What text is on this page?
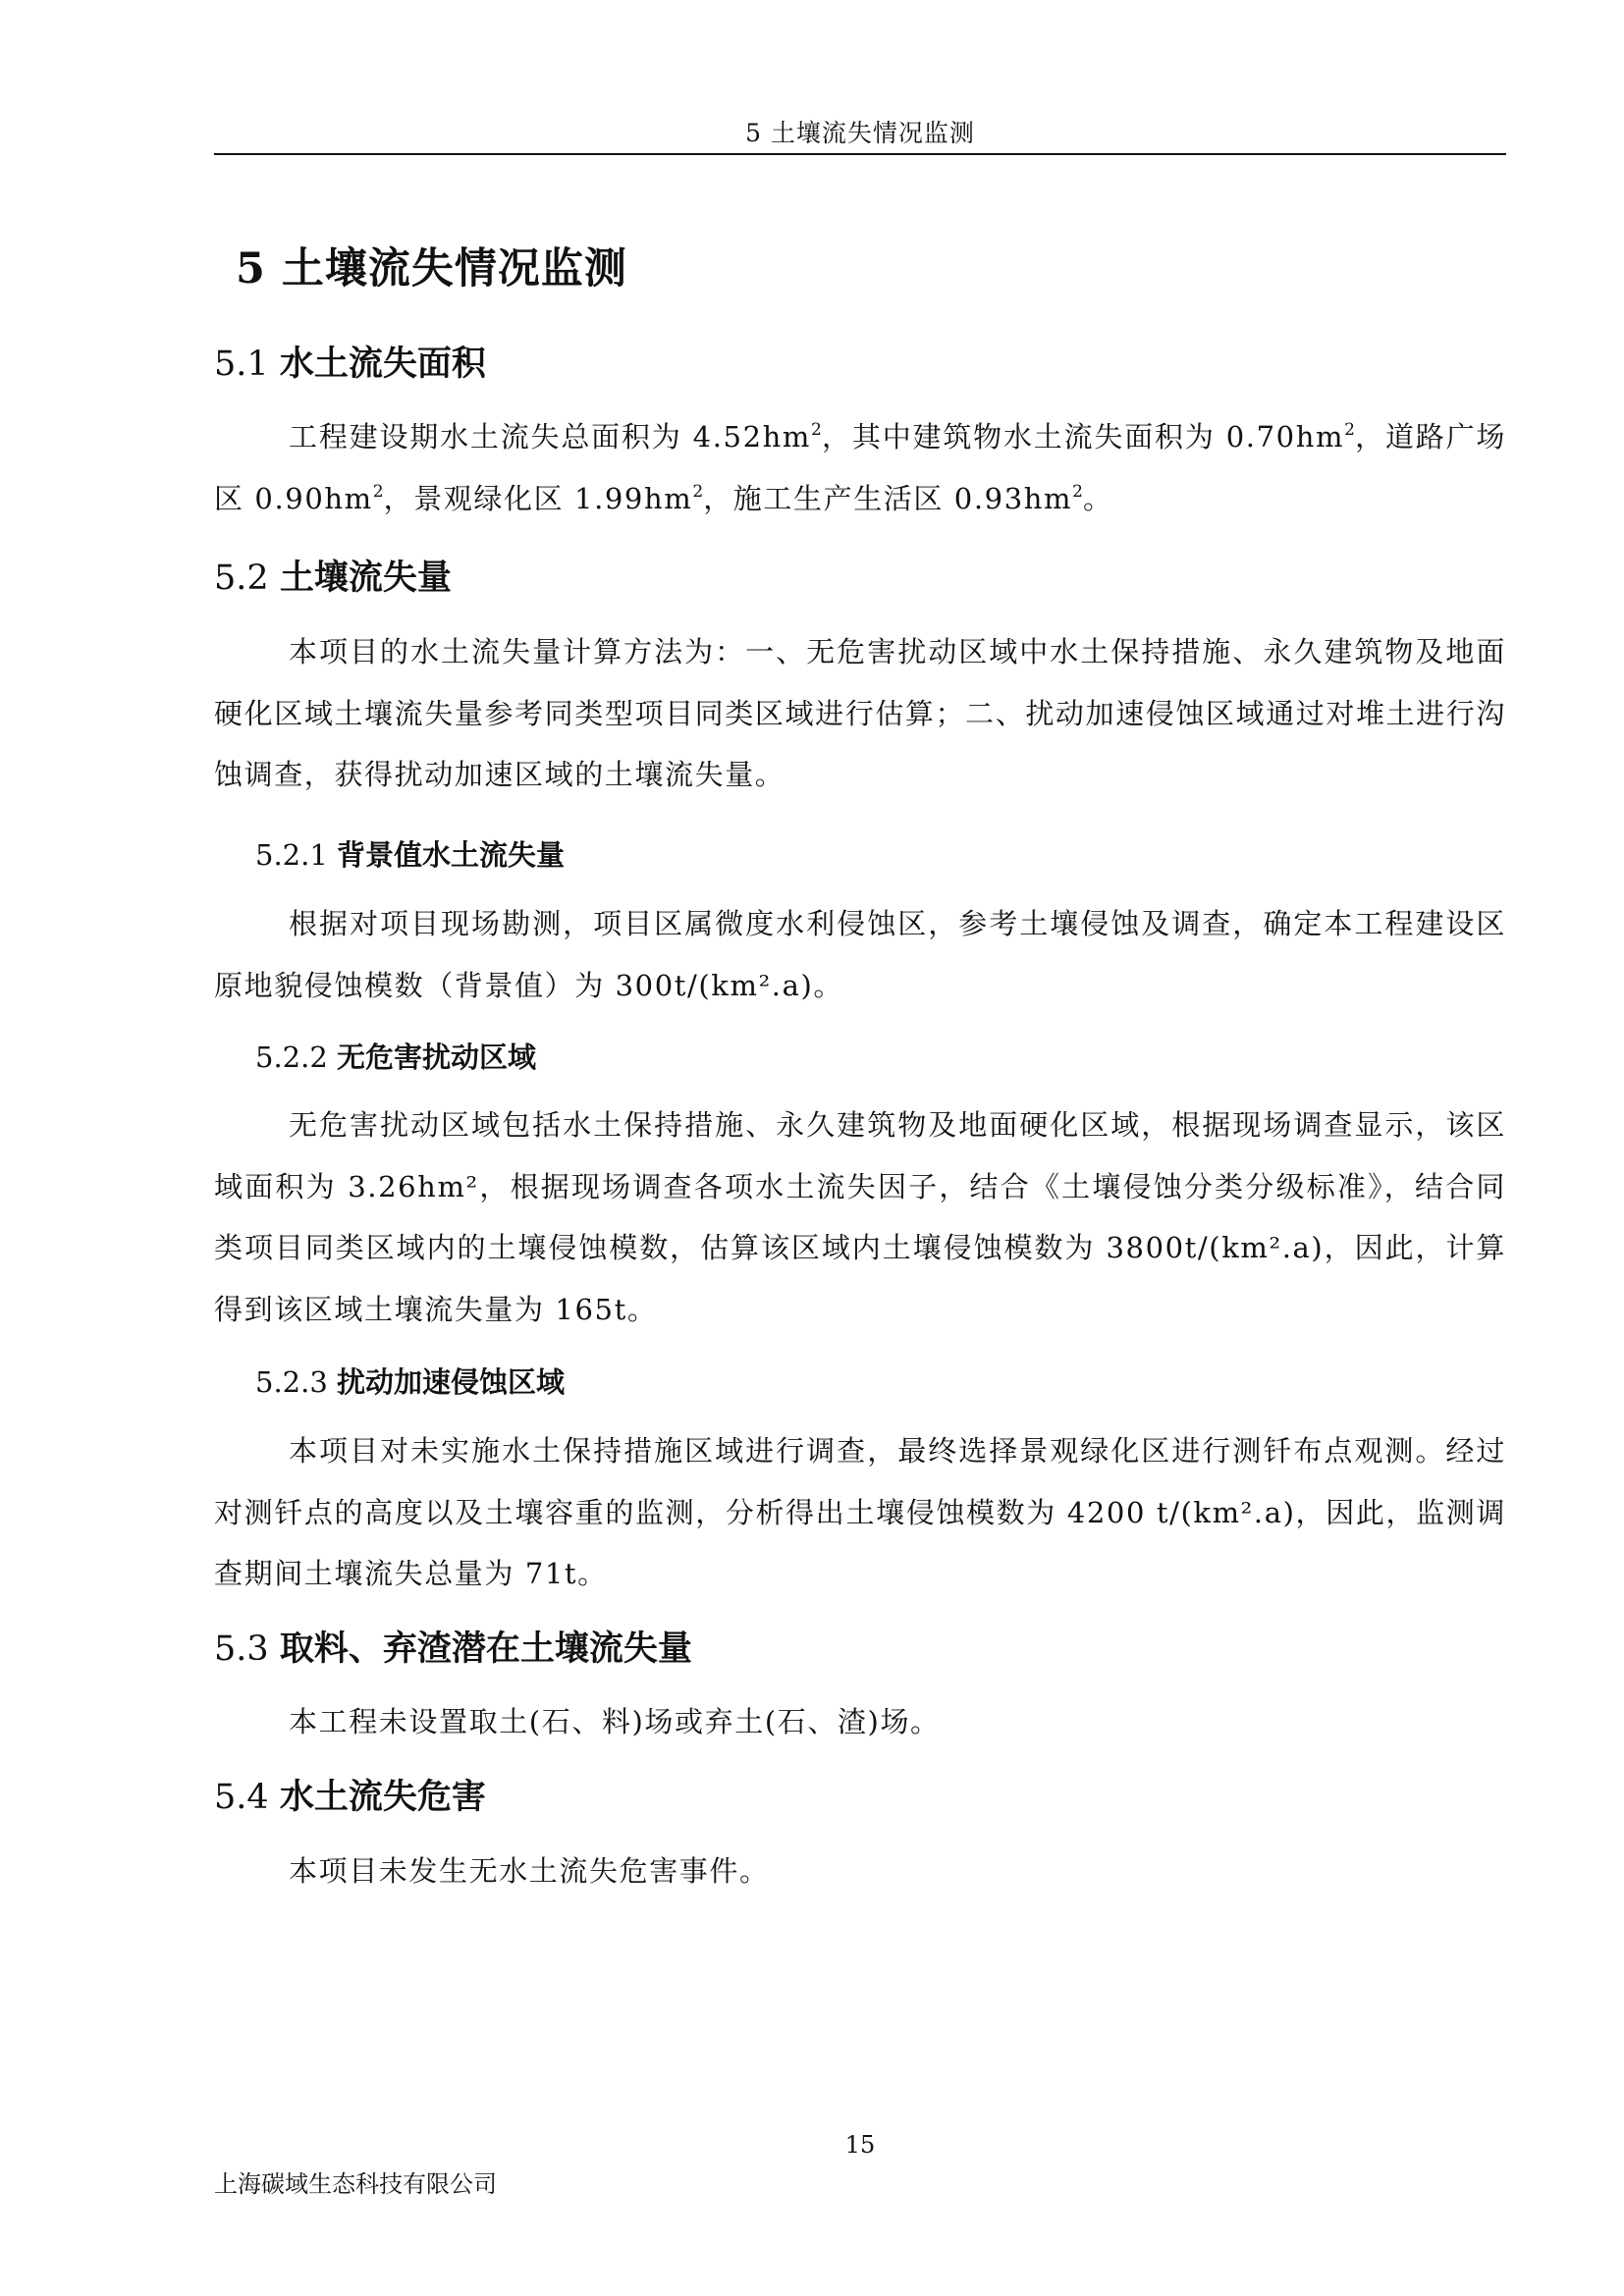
5 土壤流失情况监测
5 土壤流失情况监测
5.1 水土流失面积

工程建设期水土流失总面积为 $4.52hm^2$，其中建筑物水土流失面积为 $0.70hm^2$，道路广场区 $0.90hm^2$，景观绿化区 $1.99hm^2$，施工生产生活区 $0.93hm^2$。

5.2 土壤流失量

本项目的水土流失量计算方法为：一、无危害扰动区域中水土保持措施、永久建筑物及地面硬化区域土壤流失量参考同类型项目同类区域进行估算；二、扰动加速侵蚀区域通过对堆土进行沟蚀调查，获得扰动加速区域的土壤流失量。

5.2.1 背景值水土流失量

根据对项目现场勘测，项目区属微度水利侵蚀区，参考土壤侵蚀及调查，确定本工程建设区原地貌侵蚀模数（背景值）为 300t/(km².a)。

5.2.2 无危害扰动区域

无危害扰动区域包括水土保持措施、永久建筑物及地面硬化区域，根据现场调查显示，该区域面积为 3.26hm²，根据现场调查各项水土流失因子，结合《土壤侵蚀分类分级标准》，结合同类项目同类区域内的土壤侵蚀模数，估算该区域内土壤侵蚀模数为 3800t/(km².a)，因此，计算得到该区域土壤流失量为 165t。

5.2.3 扰动加速侵蚀区域

本项目对未实施水土保持措施区域进行调查，最终选择景观绿化区进行测钎布点观测。经过对测钎点的高度以及土壤容重的监测，分析得出土壤侵蚀模数为 4200 t/(km².a)，因此，监测调查期间土壤流失总量为 71t。

5.3 取料、弃渣潜在土壤流失量

本工程未设置取土(石、料)场或弃土(石、渣)场。

5.4 水土流失危害

本项目未发生无水土流失危害事件。

15
上海碳域生态科技有限公司
